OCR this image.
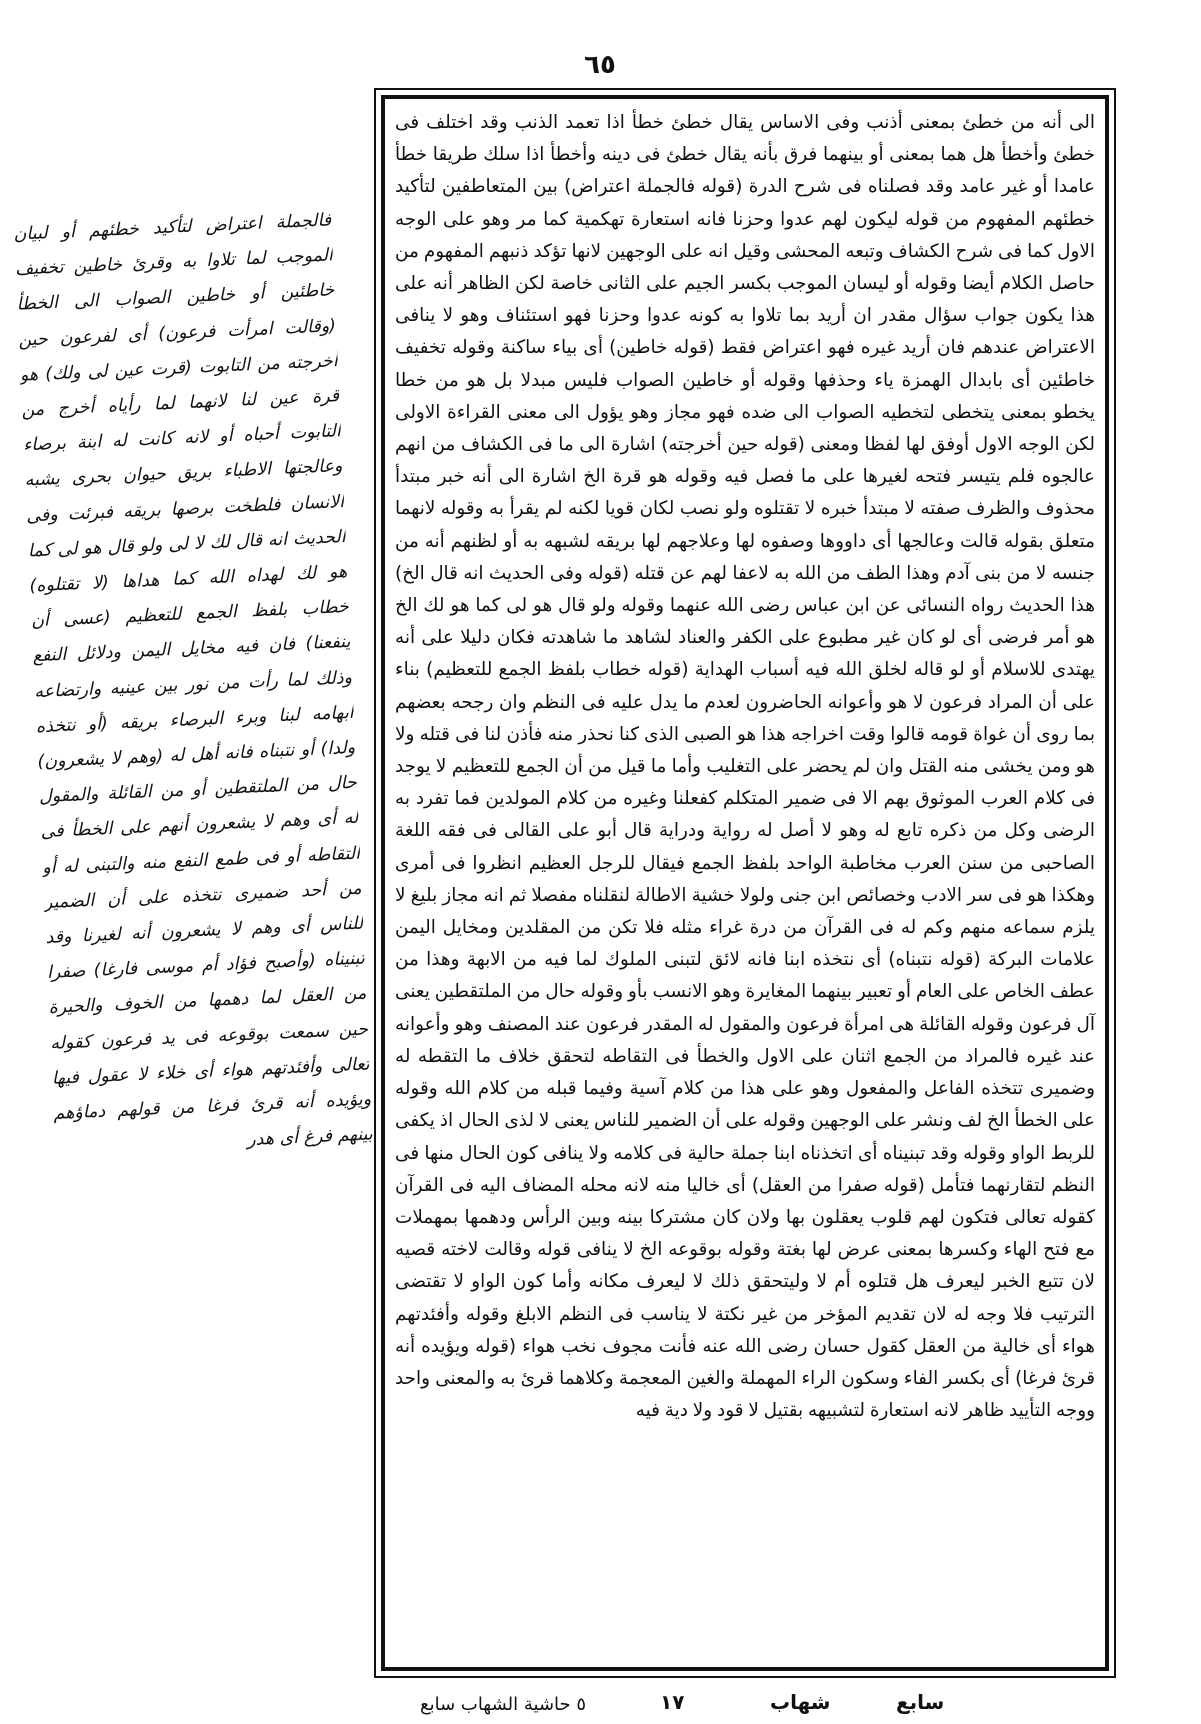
٦٥
الى أنه من خطئ بمعنى أذنب وفى الاساس يقال خطئ خطأ اذا تعمد الذنب وقد اختلف فى خطئ وأخطأ هل هما بمعنى أو بينهما فرق بأنه يقال خطئ فى دينه وأخطأ اذا سلك طريقا خطأ عامدا أو غير عامد وقد فصلناه فى شرح الدرة (قوله فالجملة اعتراض) بين المتعاطفين لتأكيد خطئهم المفهوم من قوله ليكون لهم عدوا وحزنا فانه استعارة تهكمية كما مر وهو على الوجه الاول كما فى شرح الكشاف وتبعه المحشى وقيل انه على الوجهين لانها تؤكد ذنبهم المفهوم من حاصل الكلام أيضا وقوله أو ليسان الموجب بكسر الجيم على الثانى خاصة لكن الظاهر أنه على هذا يكون جواب سؤال مقدر ان أريد بما تلاوا به كونه عدوا وحزنا فهو استئناف وهو لا ينافى الاعتراض عندهم فان أريد غيره فهو اعتراض فقط (قوله خاطين) أى بياء ساكنة وقوله تخفيف خاطئين أى بابدال الهمزة ياء وحذفها وقوله أو خاطين الصواب فليس مبدلا بل هو من خطا يخطو بمعنى يتخطى لتخطيه الصواب الى ضده فهو مجاز وهو يؤول الى معنى القراءة الاولى لكن الوجه الاول أوفق لها لفظا ومعنى (قوله حين أخرجته) اشارة الى ما فى الكشاف من انهم عالجوه فلم يتيسر فتحه لغيرها على ما فصل فيه وقوله هو قرة الخ اشارة الى أنه خبر مبتدأ محذوف والظرف صفته لا مبتدأ خبره لا تقتلوه ولو نصب لكان قويا لكنه لم يقرأ به وقوله لانهما متعلق بقوله قالت وعالجها أى داووها وصفوه لها وعلاجهم لها بريقه لشبهه به أو لظنهم أنه من جنسه لا من بنى آدم وهذا الطف من الله به لاعفا لهم عن قتله (قوله وفى الحديث انه قال الخ) هذا الحديث رواه النسائى عن ابن عباس رضى الله عنهما وقوله ولو قال هو لى كما هو لك الخ هو أمر فرضى أى لو كان غير مطبوع على الكفر والعناد لشاهد ما شاهدته فكان دليلا على أنه يهتدى للاسلام أو لو قاله لخلق الله فيه أسباب الهداية (قوله خطاب بلفظ الجمع للتعظيم) بناء على أن المراد فرعون لا هو وأعوانه الحاضرون لعدم ما يدل عليه فى النظم وان رجحه بعضهم بما روى أن غواة قومه قالوا وقت اخراجه هذا هو الصبى الذى كنا نحذر منه فأذن لنا فى قتله ولا هو ومن يخشى منه القتل وان لم يحضر على التغليب وأما ما قيل من أن الجمع للتعظيم لا يوجد فى كلام العرب الموثوق بهم الا فى ضمير المتكلم كفعلنا وغيره من كلام المولدين فما تفرد به الرضى وكل من ذكره تابع له وهو لا أصل له رواية ودراية قال أبو على القالى فى فقه اللغة الصاحبى من سنن العرب مخاطبة الواحد بلفظ الجمع فيقال للرجل العظيم انظروا فى أمرى وهكذا هو فى سر الادب وخصائص ابن جنى ولولا خشية الاطالة لنقلناه مفصلا ثم انه مجاز بليغ لا يلزم سماعه منهم وكم له فى القرآن من درة غراء مثله فلا تكن من المقلدين ومخايل اليمن علامات البركة (قوله نتبناه) أى نتخذه ابنا فانه لائق لتبنى الملوك لما فيه من الابهة وهذا من عطف الخاص على العام أو تعبير بينهما المغايرة وهو الانسب بأو وقوله حال من الملتقطين يعنى آل فرعون وقوله القائلة هى امرأة فرعون والمقول له المقدر فرعون عند المصنف وهو وأعوانه عند غيره فالمراد من الجمع اثنان على الاول والخطأ فى التقاطه لتحقق خلاف ما التقطه له وضميرى تتخذه الفاعل والمفعول وهو على هذا من كلام آسية وفيما قبله من كلام الله وقوله على الخطأ الخ لف ونشر على الوجهين وقوله على أن الضمير للناس يعنى لا لذى الحال اذ يكفى للربط الواو وقوله وقد تبنيناه أى اتخذناه ابنا جملة حالية فى كلامه ولا ينافى كون الحال منها فى النظم لتقارنهما فتأمل (قوله صفرا من العقل) أى خاليا منه لانه محله المضاف اليه فى القرآن كقوله تعالى فتكون لهم قلوب يعقلون بها ولان كان مشتركا بينه وبين الرأس ودهمها بمهملات مع فتح الهاء وكسرها بمعنى عرض لها بغتة وقوله بوقوعه الخ لا ينافى قوله وقالت لاخته قصيه لان تتبع الخبر ليعرف هل قتلوه أم لا وليتحقق ذلك لا ليعرف مكانه وأما كون الواو لا تقتضى الترتيب فلا وجه له لان تقديم المؤخر من غير نكتة لا يناسب فى النظم الابلغ وقوله وأفئدتهم هواء أى خالية من العقل كقول حسان رضى الله عنه فأنت مجوف نخب هواء (قوله ويؤيده أنه قرئ فرغا) أى بكسر الفاء وسكون الراء المهملة والغين المعجمة وكلاهما قرئ به والمعنى واحد ووجه التأييد ظاهر لانه استعارة لتشبيهه بقتيل لا قود ولا دية فيه
فالجملة اعتراض لتأكيد خطئهم أو لبيان الموجب لما تلاوا به وقرئ خاطين تخفيف خاطئين أو خاطين الصواب الى الخطأ (وقالت امرأت فرعون) أى لفرعون حين أخرجته من التابوت (قرت عين لى ولك) هو قرة عين لنا لانهما لما رأياه أخرج من التابوت أحباه أو لانه كانت له ابنة برصاء وعالجتها الاطباء بريق حيوان بحرى يشبه الانسان فلطخت برصها بريقه فبرئت وفى الحديث انه قال لك لا لى ولو قال هو لى كما هو لك لهداه الله كما هداها (لا تقتلوه) خطاب بلفظ الجمع للتعظيم (عسى أن ينفعنا) فان فيه مخايل اليمن ودلائل النفع وذلك لما رأت من نور بين عينيه وارتضاعه ابهامه لبنا وبرء البرصاء بريقه (أو نتخذه ولدا) أو نتبناه فانه أهل له (وهم لا يشعرون) حال من الملتقطين أو من القائلة والمقول له أى وهم لا يشعرون أنهم على الخطأ فى التقاطه أو فى طمع النفع منه والتبنى له أو من أحد ضميرى نتخذه على أن الضمير للناس أى وهم لا يشعرون أنه لغيرنا وقد تبنيناه (وأصبح فؤاد أم موسى فارغا) صفرا من العقل لما دهمها من الخوف والحيرة حين سمعت بوقوعه فى يد فرعون كقوله تعالى وأفئدتهم هواء أى خلاء لا عقول فيها ويؤيده أنه قرئ فرغا من قولهم دماؤهم بينهم فرغ أى هدر
٥ حاشية الشهاب سابع	١٧	شهاب	سابع
